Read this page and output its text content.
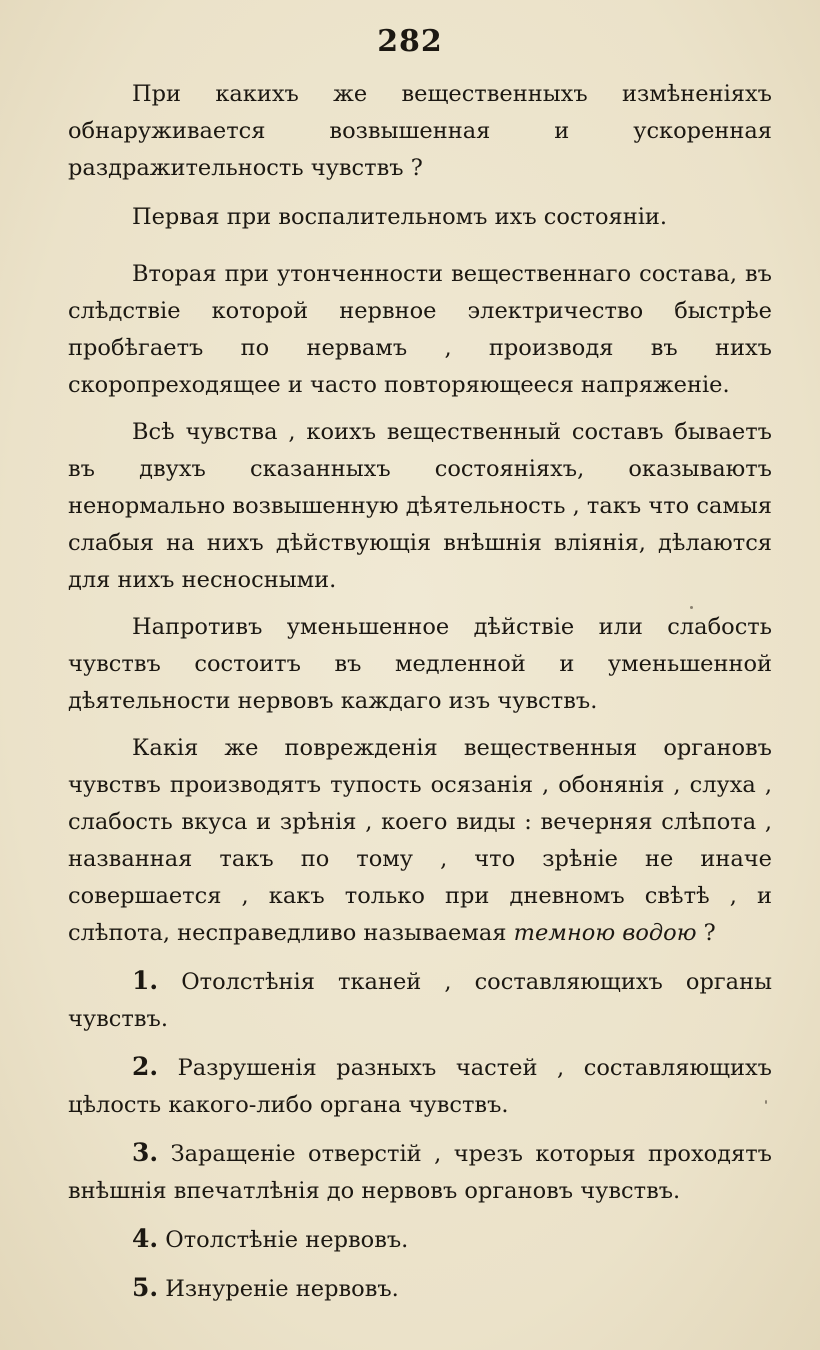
282

При какихъ же вещественныхъ измѣненіяхъ обнаруживается возвышенная и ускоренная раздражительность чувствъ ?

Первая при воспалительномъ ихъ состояніи.

Вторая при утонченности вещественнаго состава, въ слѣдствіе которой нервное электричество быстрѣе пробѣгаетъ по нервамъ , производя въ нихъ скоропреходящее и часто повторяющееся напряженіе.

Всѣ чувства , коихъ вещественный составъ бываетъ въ двухъ сказанныхъ состояніяхъ, оказываютъ ненормально возвышенную дѣятельность , такъ что самыя слабыя на нихъ дѣйствующія внѣшнія вліянія, дѣлаются для нихъ несносными.

Напротивъ уменьшенное дѣйствіе или слабость чувствъ состоитъ въ медленной и уменьшенной дѣятельности нервовъ каждаго изъ чувствъ.

Какія же поврежденія вещественныя органовъ чувствъ производятъ тупость осязанія , обонянія , слуха , слабость вкуса и зрѣнія , коего виды : вечерняя слѣпота , названная такъ по тому , что зрѣніе не иначе совершается , какъ только при дневномъ свѣтѣ , и слѣпота, несправедливо называемая темною водою ?

1. Отолстѣнія тканей , составляющихъ органы чувствъ.

2. Разрушенія разныхъ частей , составляющихъ цѣлость какого-либо органа чувствъ.

3. Заращеніе отверстій , чрезъ которыя проходятъ внѣшнія впечатлѣнія до нервовъ органовъ чувствъ.

4. Отолстѣніе нервовъ.

5. Изнуреніе нервовъ.
